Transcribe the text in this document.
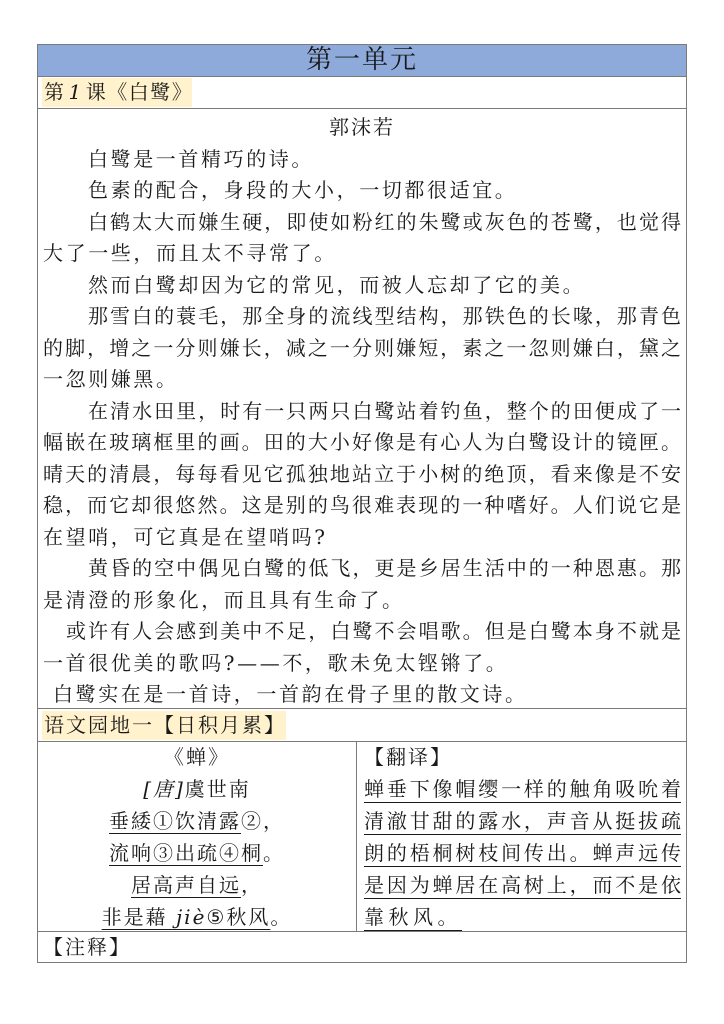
第一单元
第 1 课《白鹭》
郭沫若
白鹭是一首精巧的诗。
色素的配合，身段的大小，一切都很适宜。
白鹤太大而嫌生硬，即使如粉红的朱鹭或灰色的苍鹭，也觉得
大了一些，而且太不寻常了。
然而白鹭却因为它的常见，而被人忘却了它的美。
那雪白的蓑毛，那全身的流线型结构，那铁色的长喙，那青色
的脚，增之一分则嫌长，减之一分则嫌短，素之一忽则嫌白，黛之
一忽则嫌黑。
在清水田里，时有一只两只白鹭站着钓鱼，整个的田便成了一
幅嵌在玻璃框里的画。田的大小好像是有心人为白鹭设计的镜匣。
晴天的清晨，每每看见它孤独地站立于小树的绝顶，看来像是不安
稳，而它却很悠然。这是别的鸟很难表现的一种嗜好。人们说它是
在望哨，可它真是在望哨吗?
黄昏的空中偶见白鹭的低飞，更是乡居生活中的一种恩惠。那
是清澄的形象化，而且具有生命了。
或许有人会感到美中不足，白鹭不会唱歌。但是白鹭本身不就是
一首很优美的歌吗?——不，歌未免太铿锵了。
白鹭实在是一首诗，一首韵在骨子里的散文诗。
语文园地一【日积月累】
《蝉》
[唐]虞世南
垂緌①饮清露②，
流响③出疏④桐。
居高声自远，
非是藉 jiè⑤秋风。
【翻译】
蝉垂下像帽缨一样的触角吸吮着
清澈甘甜的露水，声音从挺拔疏
朗的梧桐树枝间传出。蝉声远传
是因为蝉居在高树上，而不是依
靠秋风。
【注释】
